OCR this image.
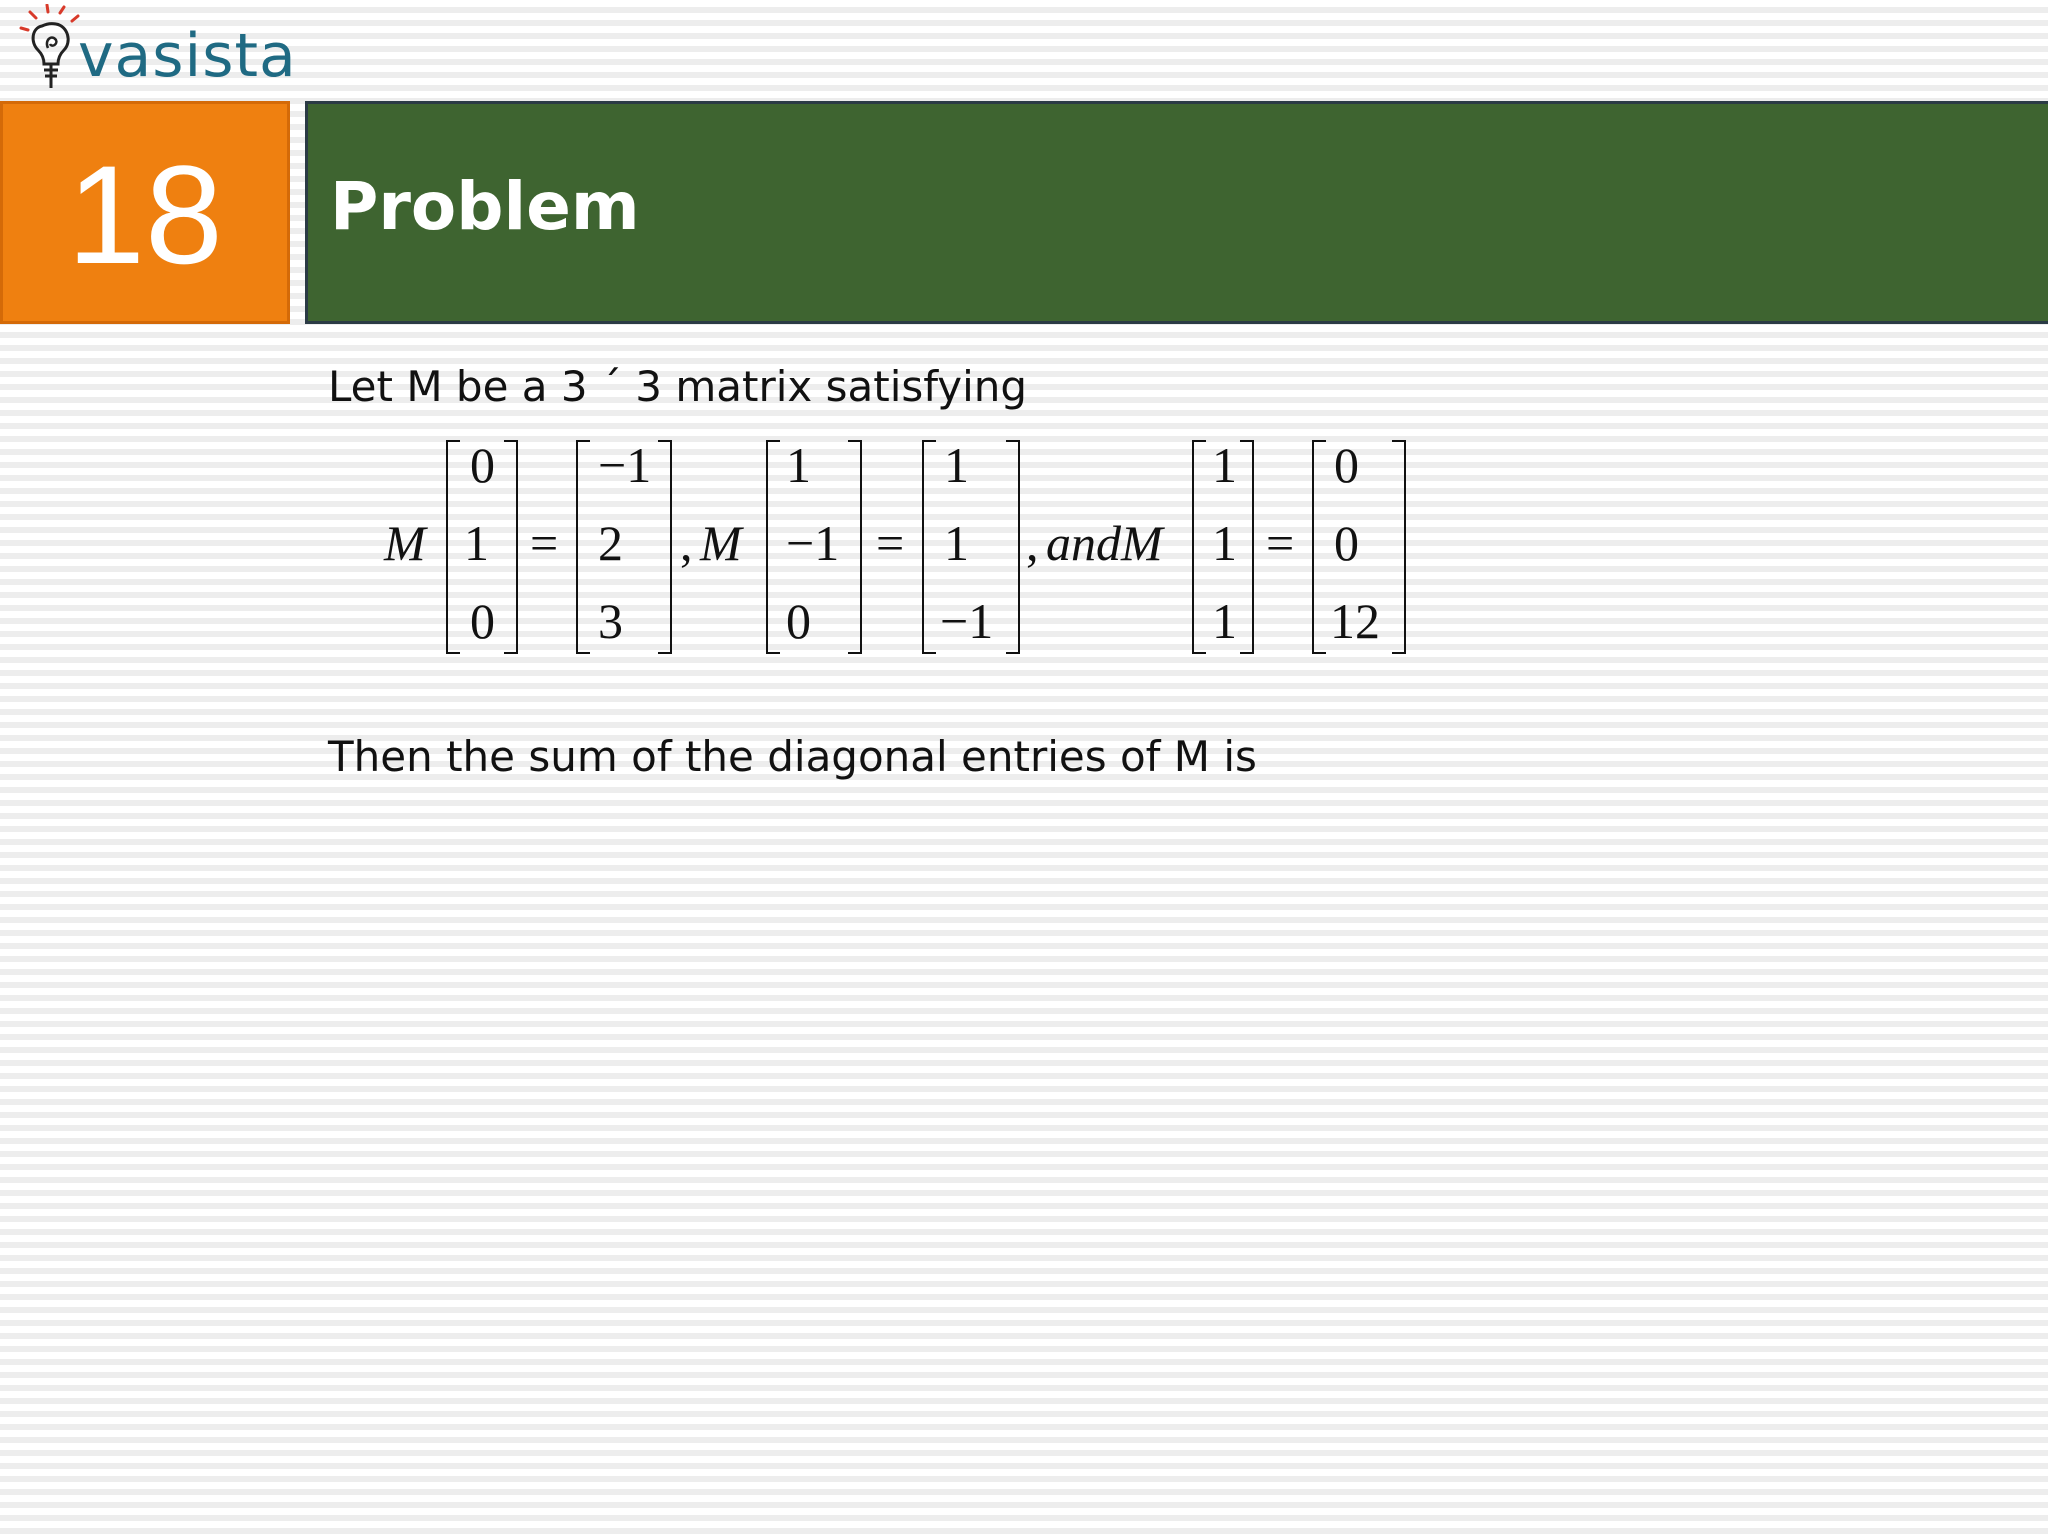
vasista
18 Problem
Let M be a 3 ´ 3 matrix satisfying
M
0
1
0
=
−1
2
3
, M
1
−1
0
=
1
1
−1
, andM
1
1
1
=
0
0
12
Then the sum of the diagonal entries of M is
